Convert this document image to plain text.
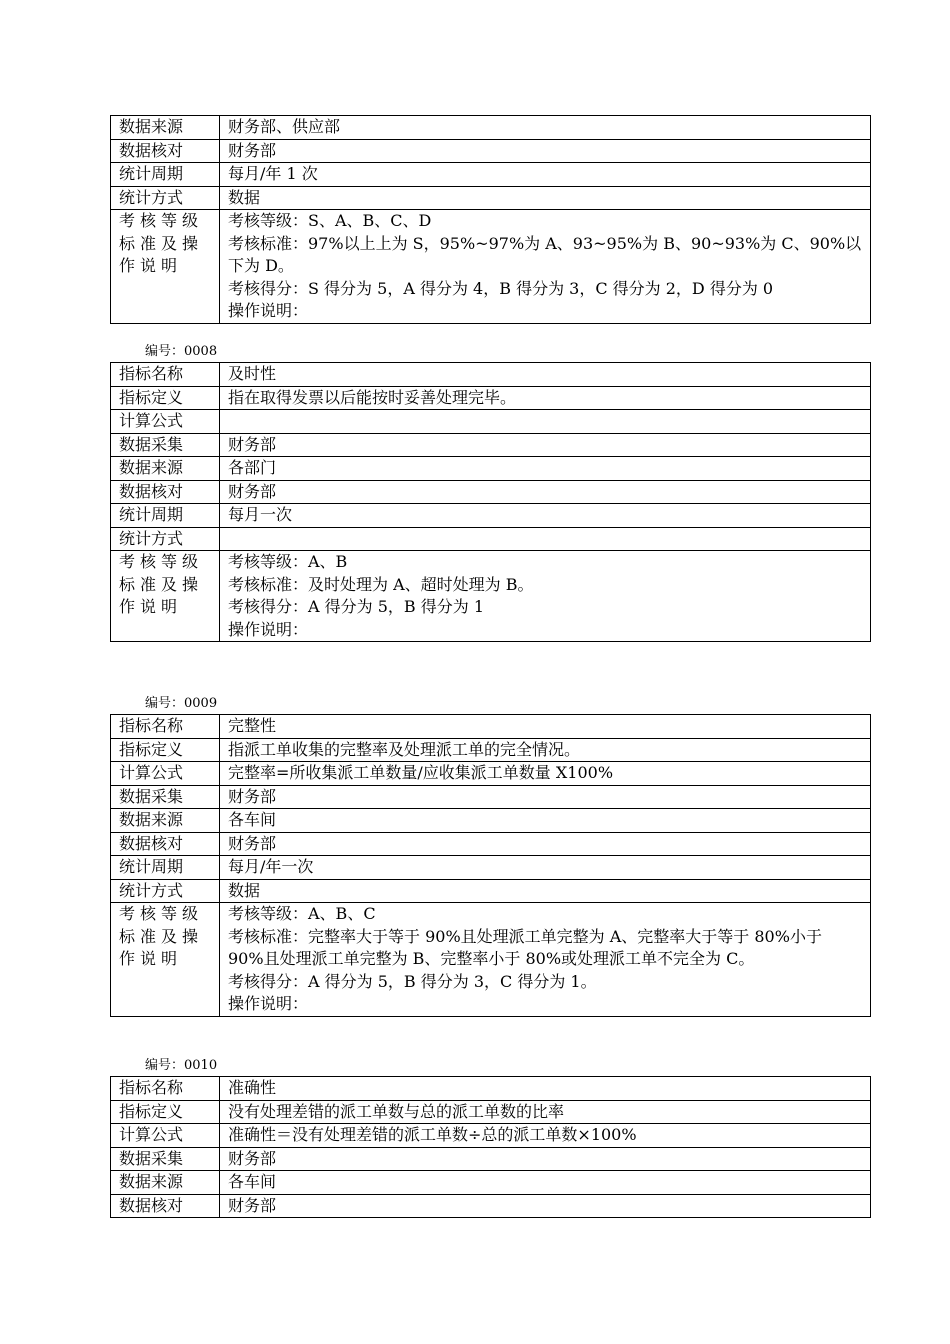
数据来源	财务部、供应部
数据核对	财务部
统计周期	每月/年 1 次
统计方式	数据

考核等级
标准及操
作说明	考核等级：S、A、B、C、D
考核标准：97%以上上为 S，95%~97%为 A、93~95%为 B、90~93%为 C、90%以下为 D。
考核得分：S 得分为 5，A 得分为 4，B 得分为 3，C 得分为 2，D 得分为 0
操作说明：
编号：0008
指标名称	及时性
指标定义	指在取得发票以后能按时妥善处理完毕。
计算公式	
数据采集	财务部
数据来源	各部门
数据核对	财务部
统计周期	每月一次
统计方式	

考核等级
标准及操
作说明	考核等级：A、B
考核标准：及时处理为 A、超时处理为 B。
考核得分：A 得分为 5，B 得分为 1
操作说明：
编号：0009
指标名称	完整性
指标定义	指派工单收集的完整率及处理派工单的完全情况。
计算公式	完整率=所收集派工单数量/应收集派工单数量 X100%
数据采集	财务部
数据来源	各车间
数据核对	财务部
统计周期	每月/年一次
统计方式	数据

考核等级
标准及操
作说明	考核等级：A、B、C
考核标准：完整率大于等于 90%且处理派工单完整为 A、完整率大于等于 80%小于 90%且处理派工单完整为 B、完整率小于 80%或处理派工单不完全为 C。
考核得分：A 得分为 5，B 得分为 3，C 得分为 1。
操作说明：
编号：0010
指标名称	准确性
指标定义	没有处理差错的派工单数与总的派工单数的比率
计算公式	准确性＝没有处理差错的派工单数÷总的派工单数×100%
数据采集	财务部
数据来源	各车间
数据核对	财务部
